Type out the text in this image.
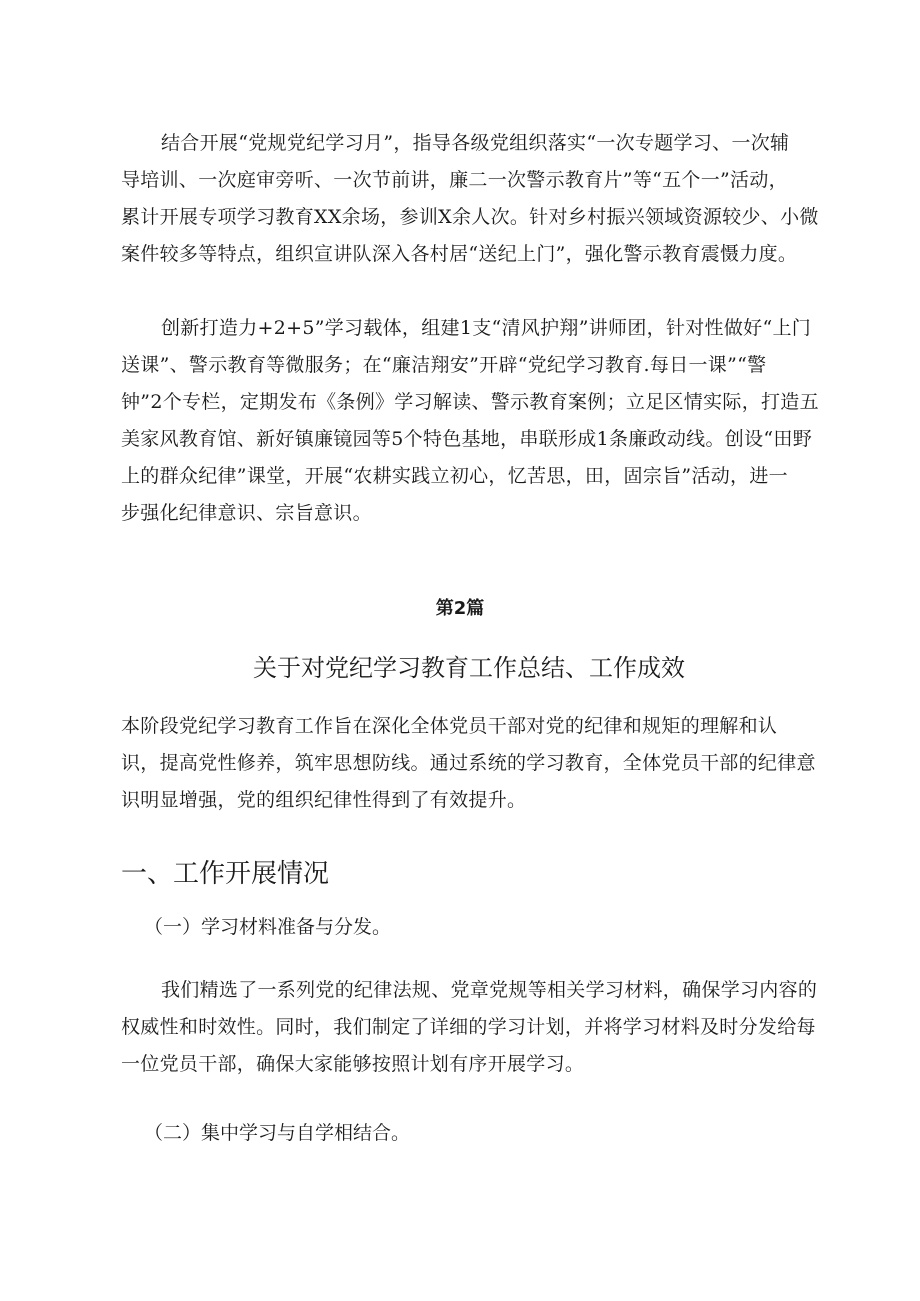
结合开展“党规党纪学习月”，指导各级党组织落实“一次专题学习、一次辅
导培训、一次庭审旁听、一次节前讲，廉二一次警示教育片”等“五个一”活动，
累计开展专项学习教育XX余场，参训X余人次。针对乡村振兴领域资源较少、小微
案件较多等特点，组织宣讲队深入各村居“送纪上门”，强化警示教育震慑力度。
创新打造力+2+5”学习载体，组建1支“清风护翔”讲师团，针对性做好“上门
送课”、警示教育等微服务；在“廉洁翔安”开辟“党纪学习教育.每日一课”“警
钟”2个专栏，定期发布《条例》学习解读、警示教育案例；立足区情实际，打造五
美家风教育馆、新好镇廉镜园等5个特色基地，串联形成1条廉政动线。创设“田野
上的群众纪律”课堂，开展“农耕实践立初心，忆苦思，田，固宗旨”活动，进一
步强化纪律意识、宗旨意识。
第2篇
关于对党纪学习教育工作总结、工作成效
本阶段党纪学习教育工作旨在深化全体党员干部对党的纪律和规矩的理解和认
识，提高党性修养，筑牢思想防线。通过系统的学习教育，全体党员干部的纪律意
识明显增强，党的组织纪律性得到了有效提升。
一、工作开展情况
（一）学习材料准备与分发。
我们精选了一系列党的纪律法规、党章党规等相关学习材料，确保学习内容的
权威性和时效性。同时，我们制定了详细的学习计划，并将学习材料及时分发给每
一位党员干部，确保大家能够按照计划有序开展学习。
（二）集中学习与自学相结合。
